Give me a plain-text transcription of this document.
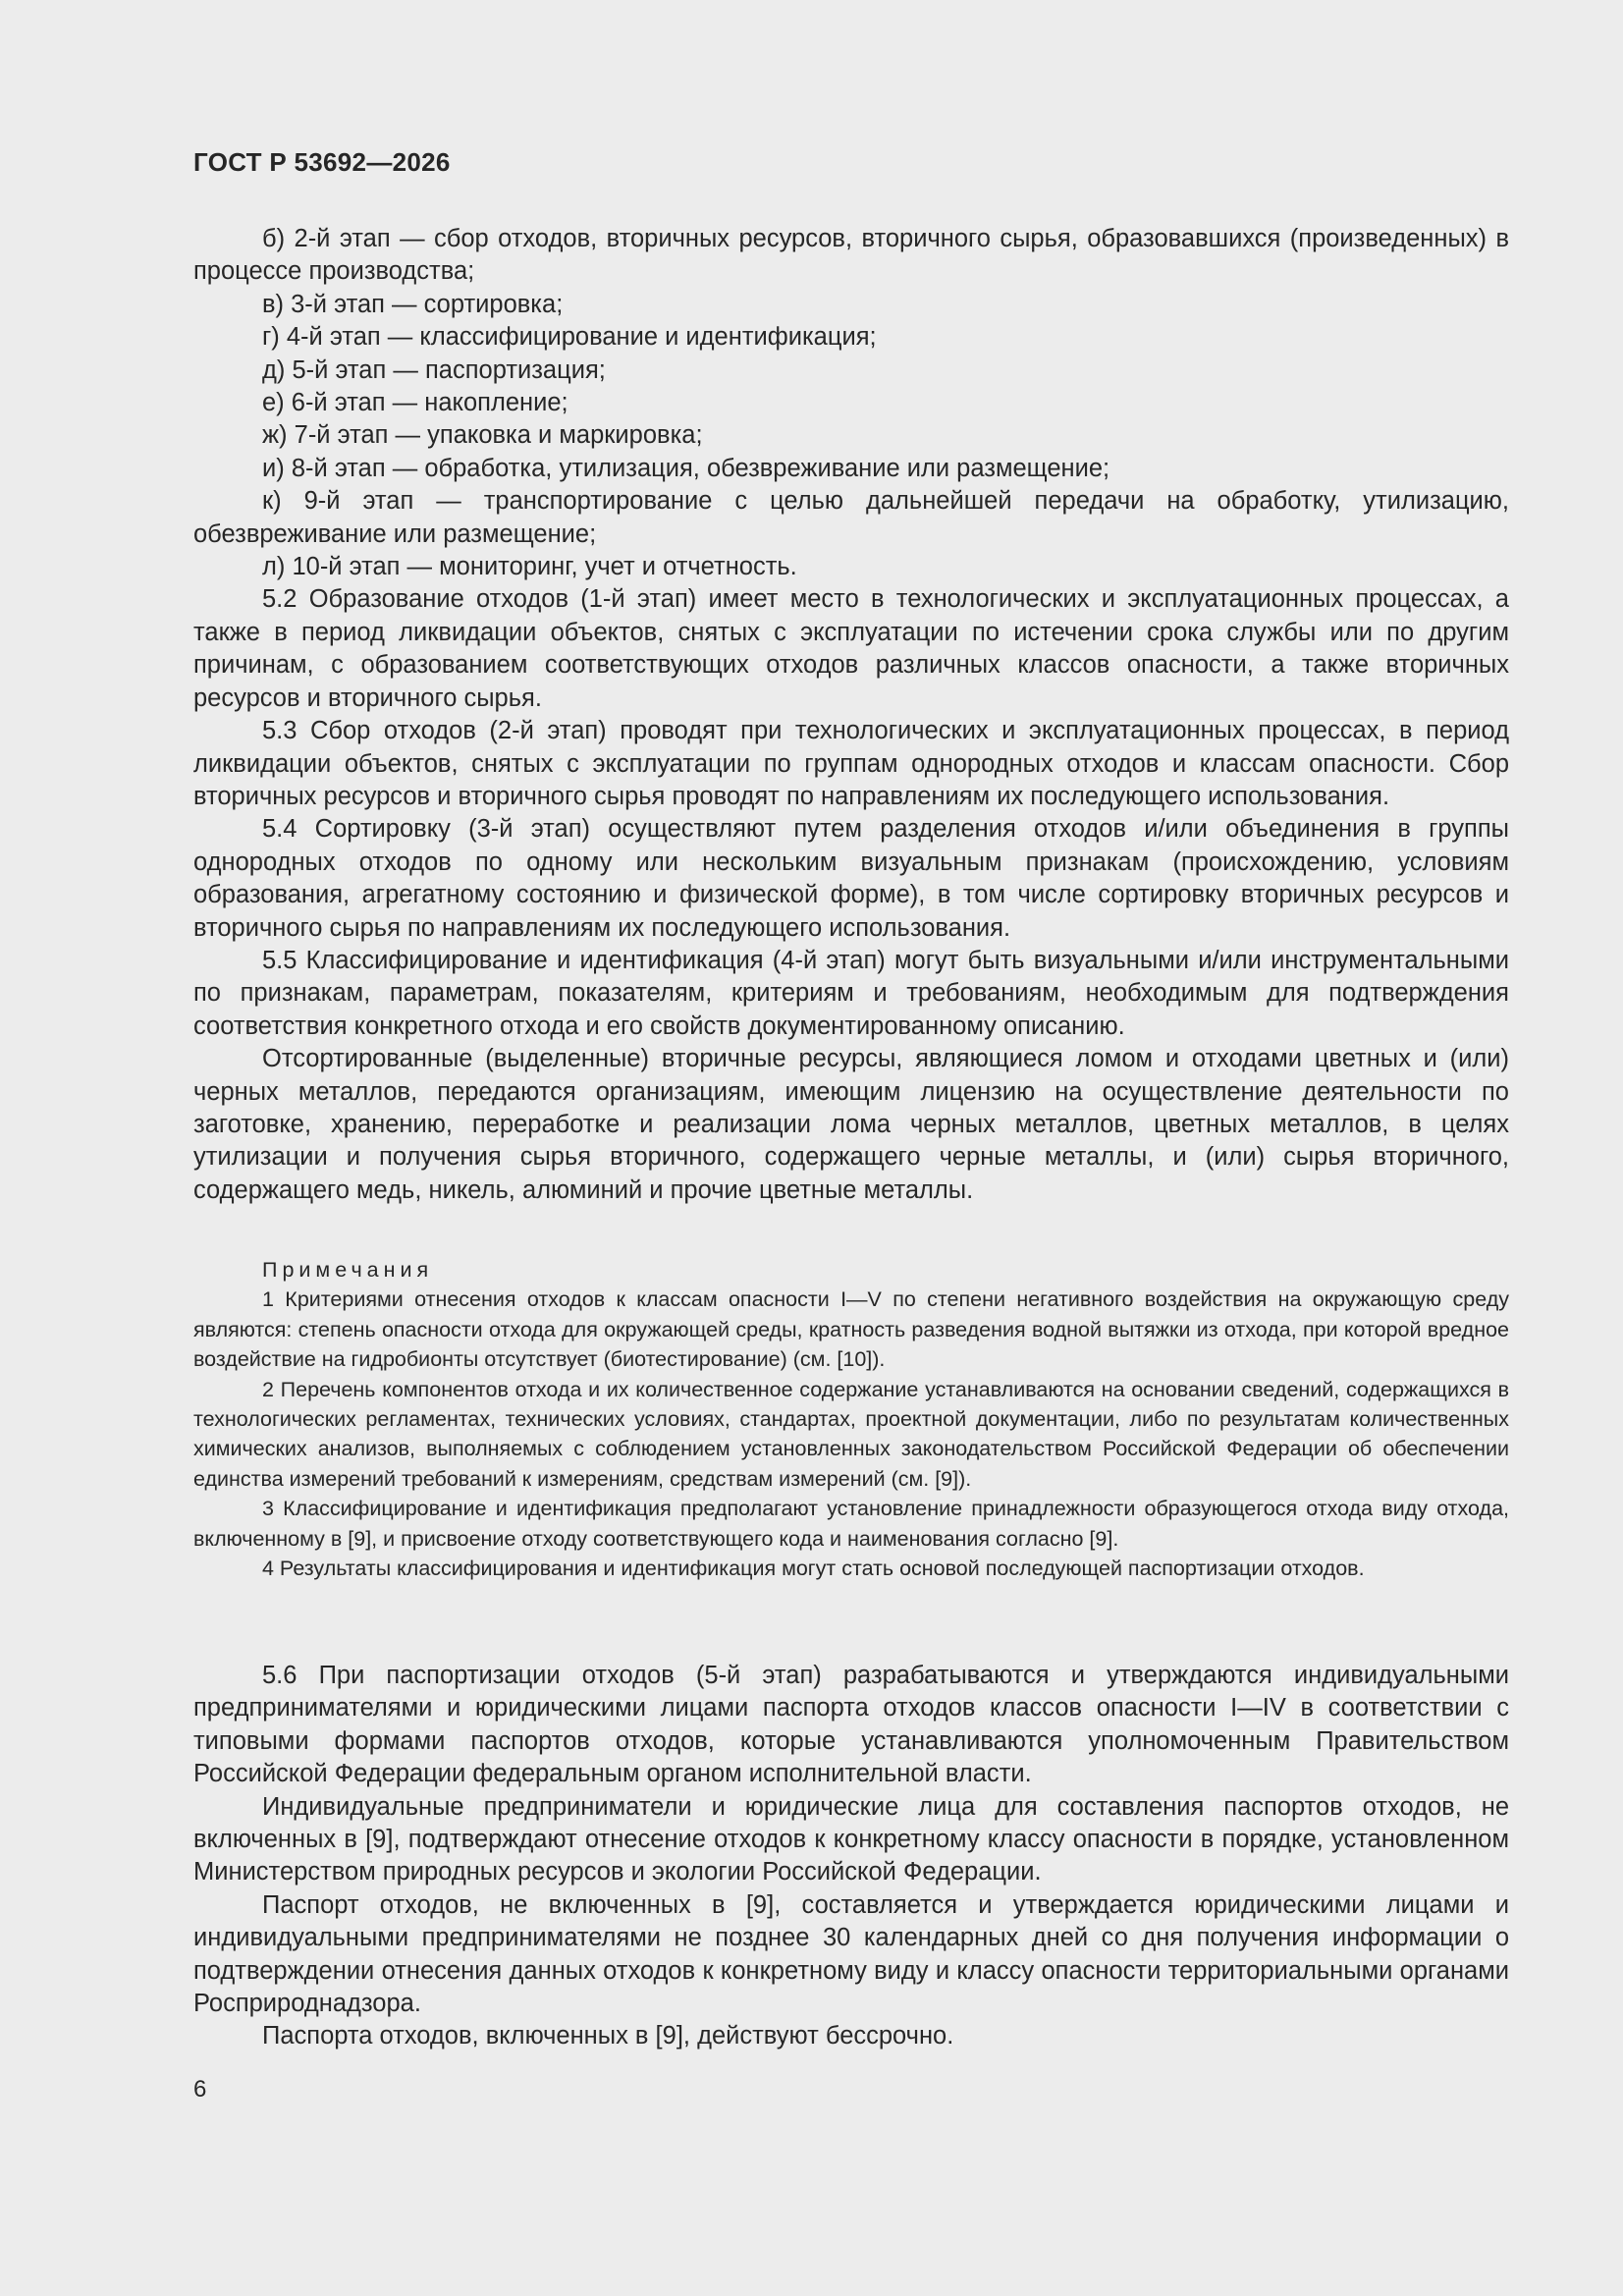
ГОСТ Р 53692—2026

б) 2-й этап — сбор отходов, вторичных ресурсов, вторичного сырья, образовавшихся (произведенных) в процессе производства;

в) 3-й этап — сортировка;

г) 4-й этап — классифицирование и идентификация;

д) 5-й этап — паспортизация;

е) 6-й этап — накопление;

ж) 7-й этап — упаковка и маркировка;

и) 8-й этап — обработка, утилизация, обезвреживание или размещение;

к) 9-й этап — транспортирование с целью дальнейшей передачи на обработку, утилизацию, обезвреживание или размещение;

л) 10-й этап — мониторинг, учет и отчетность.

5.2 Образование отходов (1-й этап) имеет место в технологических и эксплуатационных процессах, а также в период ликвидации объектов, снятых с эксплуатации по истечении срока службы или по другим причинам, с образованием соответствующих отходов различных классов опасности, а также вторичных ресурсов и вторичного сырья.

5.3 Сбор отходов (2-й этап) проводят при технологических и эксплуатационных процессах, в период ликвидации объектов, снятых с эксплуатации по группам однородных отходов и классам опасности. Сбор вторичных ресурсов и вторичного сырья проводят по направлениям их последующего использования.

5.4 Сортировку (3-й этап) осуществляют путем разделения отходов и/или объединения в группы однородных отходов по одному или нескольким визуальным признакам (происхождению, условиям образования, агрегатному состоянию и физической форме), в том числе сортировку вторичных ресурсов и вторичного сырья по направлениям их последующего использования.

5.5 Классифицирование и идентификация (4-й этап) могут быть визуальными и/или инструментальными по признакам, параметрам, показателям, критериям и требованиям, необходимым для подтверждения соответствия конкретного отхода и его свойств документированному описанию.

Отсортированные (выделенные) вторичные ресурсы, являющиеся ломом и отходами цветных и (или) черных металлов, передаются организациям, имеющим лицензию на осуществление деятельности по заготовке, хранению, переработке и реализации лома черных металлов, цветных металлов, в целях утилизации и получения сырья вторичного, содержащего черные металлы, и (или) сырья вторичного, содержащего медь, никель, алюминий и прочие цветные металлы.

Примечания

1 Критериями отнесения отходов к классам опасности I—V по степени негативного воздействия на окружающую среду являются: степень опасности отхода для окружающей среды, кратность разведения водной вытяжки из отхода, при которой вредное воздействие на гидробионты отсутствует (биотестирование) (см. [10]).

2 Перечень компонентов отхода и их количественное содержание устанавливаются на основании сведений, содержащихся в технологических регламентах, технических условиях, стандартах, проектной документации, либо по результатам количественных химических анализов, выполняемых с соблюдением установленных законодательством Российской Федерации об обеспечении единства измерений требований к измерениям, средствам измерений (см. [9]).

3 Классифицирование и идентификация предполагают установление принадлежности образующегося отхода виду отхода, включенному в [9], и присвоение отходу соответствующего кода и наименования согласно [9].

4 Результаты классифицирования и идентификация могут стать основой последующей паспортизации отходов.

5.6 При паспортизации отходов (5-й этап) разрабатываются и утверждаются индивидуальными предпринимателями и юридическими лицами паспорта отходов классов опасности I—IV в соответствии с типовыми формами паспортов отходов, которые устанавливаются уполномоченным Правительством Российской Федерации федеральным органом исполнительной власти.

Индивидуальные предприниматели и юридические лица для составления паспортов отходов, не включенных в [9], подтверждают отнесение отходов к конкретному классу опасности в порядке, установленном Министерством природных ресурсов и экологии Российской Федерации.

Паспорт отходов, не включенных в [9], составляется и утверждается юридическими лицами и индивидуальными предпринимателями не позднее 30 календарных дней со дня получения информации о подтверждении отнесения данных отходов к конкретному виду и классу опасности территориальными органами Росприроднадзора.

Паспорта отходов, включенных в [9], действуют бессрочно.

6
